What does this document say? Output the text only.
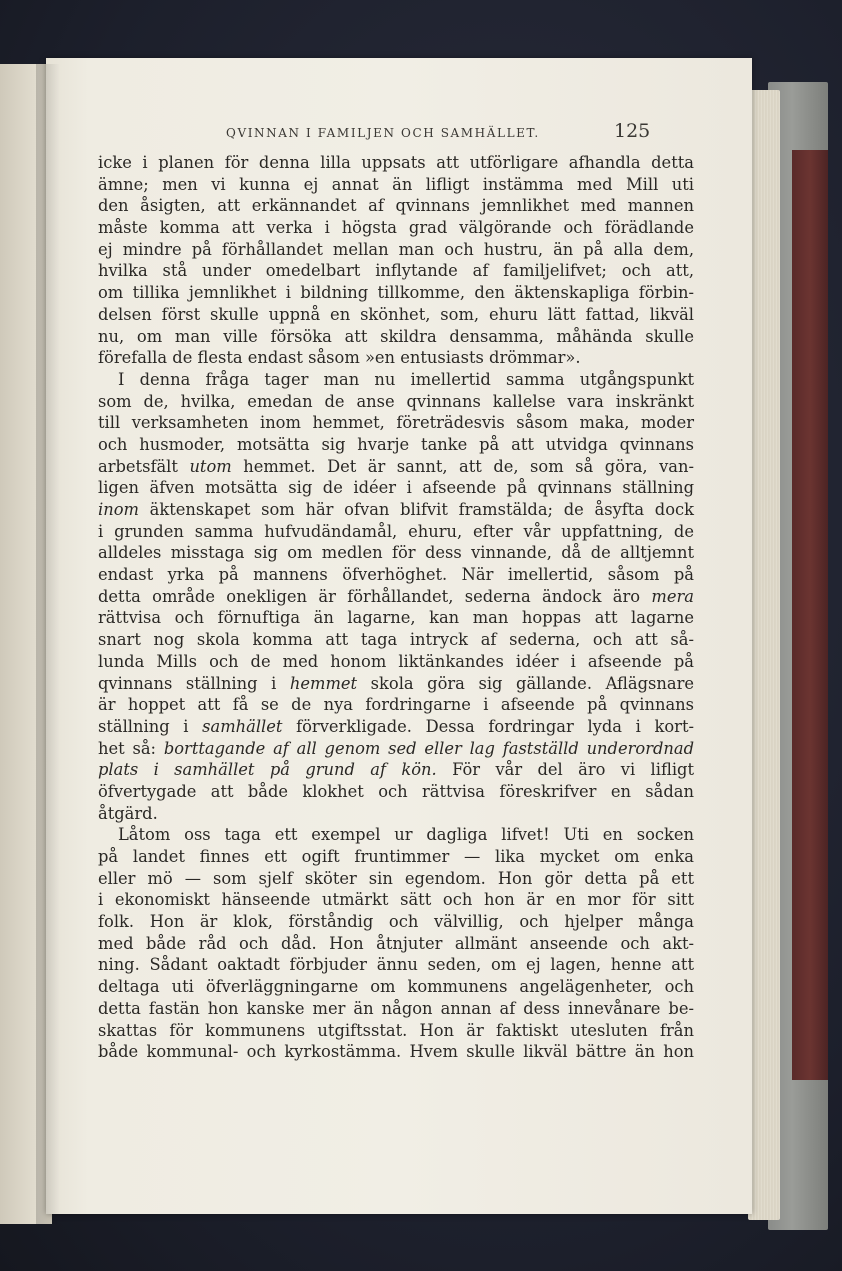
QVINNAN I FAMILJEN OCH SAMHÄLLET.	125
icke i planen för denna lilla uppsats att utförligare afhandla detta
ämne; men vi kunna ej annat än lifligt instämma med Mill uti
den åsigten, att erkännandet af qvinnans jemnlikhet med mannen
måste komma att verka i högsta grad välgörande och förädlande
ej mindre på förhållandet mellan man och hustru, än på alla dem,
hvilka stå under omedelbart inflytande af familjelifvet; och att,
om tillika jemnlikhet i bildning tillkomme, den äktenskapliga förbin-
delsen först skulle uppnå en skönhet, som, ehuru lätt fattad, likväl
nu, om man ville försöka att skildra densamma, måhända skulle
förefalla de flesta endast såsom »en entusiasts drömmar».
I denna fråga tager man nu imellertid samma utgångspunkt
som de, hvilka, emedan de anse qvinnans kallelse vara inskränkt
till verksamheten inom hemmet, företrädesvis såsom maka, moder
och husmoder, motsätta sig hvarje tanke på att utvidga qvinnans
arbetsfält utom hemmet. Det är sannt, att de, som så göra, van-
ligen äfven motsätta sig de idéer i afseende på qvinnans ställning
inom äktenskapet som här ofvan blifvit framstälda; de åsyfta dock
i grunden samma hufvudändamål, ehuru, efter vår uppfattning, de
alldeles misstaga sig om medlen för dess vinnande, då de alltjemnt
endast yrka på mannens öfverhöghet. När imellertid, såsom på
detta område onekligen är förhållandet, sederna ändock äro mera
rättvisa och förnuftiga än lagarne, kan man hoppas att lagarne
snart nog skola komma att taga intryck af sederna, och att så-
lunda Mills och de med honom liktänkandes idéer i afseende på
qvinnans ställning i hemmet skola göra sig gällande. Aflägsnare
är hoppet att få se de nya fordringarne i afseende på qvinnans
ställning i samhället förverkligade. Dessa fordringar lyda i kort-
het så: borttagande af all genom sed eller lag fastställd underordnad
plats i samhället på grund af kön. För vår del äro vi lifligt
öfvertygade att både klokhet och rättvisa föreskrifver en sådan
åtgärd.
Låtom oss taga ett exempel ur dagliga lifvet! Uti en socken
på landet finnes ett ogift fruntimmer — lika mycket om enka
eller mö — som sjelf sköter sin egendom. Hon gör detta på ett
i ekonomiskt hänseende utmärkt sätt och hon är en mor för sitt
folk. Hon är klok, förståndig och välvillig, och hjelper många
med både råd och dåd. Hon åtnjuter allmänt anseende och akt-
ning. Sådant oaktadt förbjuder ännu seden, om ej lagen, henne att
deltaga uti öfverläggningarne om kommunens angelägenheter, och
detta fastän hon kanske mer än någon annan af dess innevånare be-
skattas för kommunens utgiftsstat. Hon är faktiskt utesluten från
både kommunal- och kyrkostämma. Hvem skulle likväl bättre än hon
